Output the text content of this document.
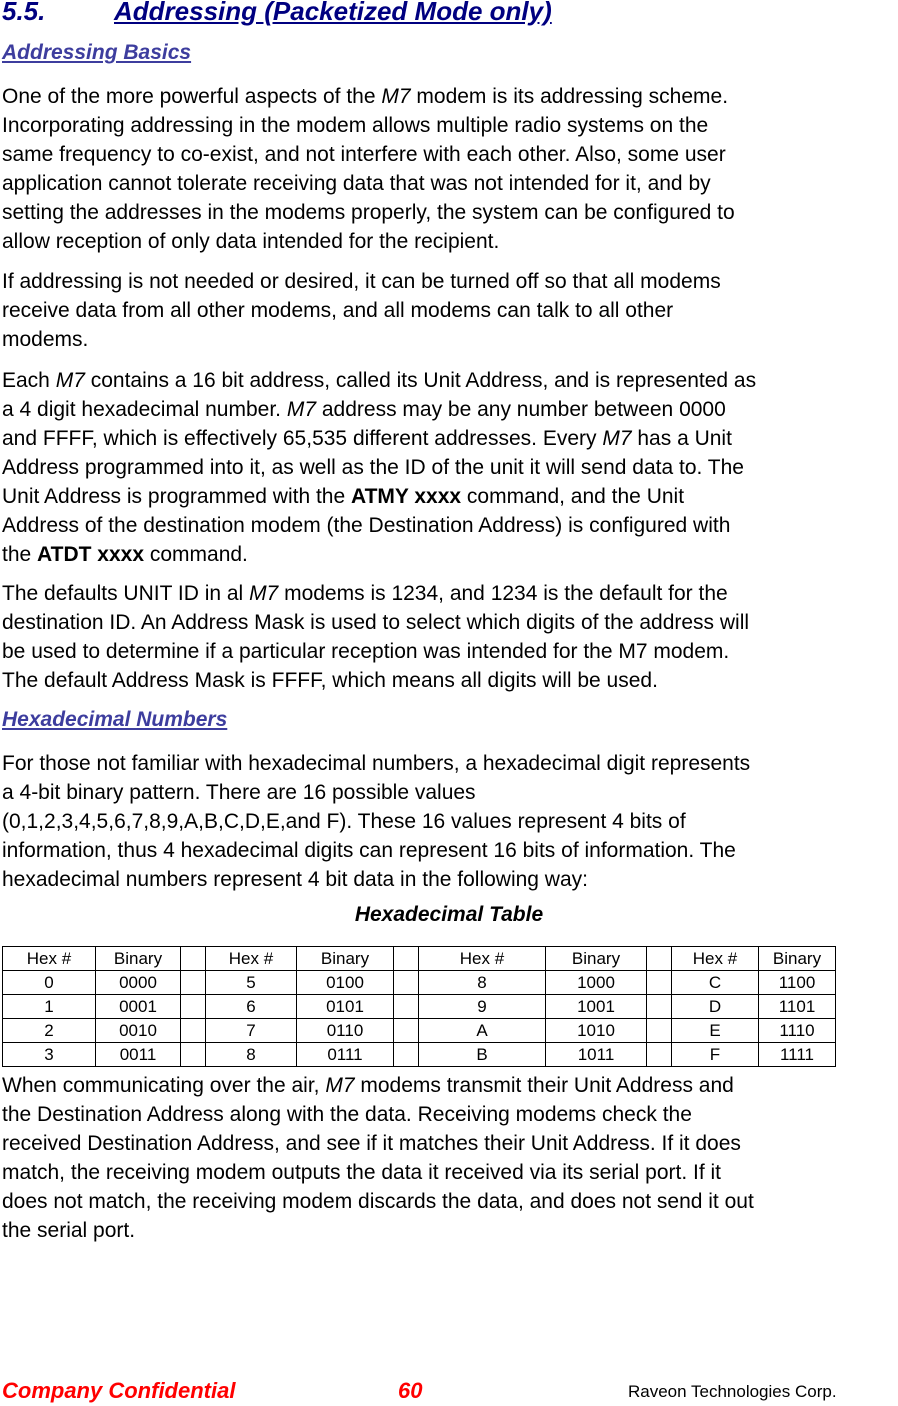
5.5.	Addressing (Packetized Mode only)
Addressing Basics

One of the more powerful aspects of the M7 modem is its addressing scheme.
Incorporating addressing in the modem allows multiple radio systems on the
same frequency to co-exist, and not interfere with each other. Also, some user
application cannot tolerate receiving data that was not intended for it, and by
setting the addresses in the modems properly, the system can be configured to
allow reception of only data intended for the recipient.

If addressing is not needed or desired, it can be turned off so that all modems
receive data from all other modems, and all modems can talk to all other
modems.

Each M7 contains a 16 bit address, called its Unit Address, and is represented as
a 4 digit hexadecimal number. M7 address may be any number between 0000
and FFFF, which is effectively 65,535 different addresses. Every M7 has a Unit
Address programmed into it, as well as the ID of the unit it will send data to. The
Unit Address is programmed with the ATMY xxxx command, and the Unit
Address of the destination modem (the Destination Address) is configured with
the ATDT xxxx command.

The defaults UNIT ID in al M7 modems is 1234, and 1234 is the default for the
destination ID. An Address Mask is used to select which digits of the address will
be used to determine if a particular reception was intended for the M7 modem.
The default Address Mask is FFFF, which means all digits will be used.

Hexadecimal Numbers

For those not familiar with hexadecimal numbers, a hexadecimal digit represents
a 4-bit binary pattern. There are 16 possible values
(0,1,2,3,4,5,6,7,8,9,A,B,C,D,E,and F). These 16 values represent 4 bits of
information, thus 4 hexadecimal digits can represent 16 bits of information. The
hexadecimal numbers represent 4 bit data in the following way:

Hexadecimal Table

Hex #	Binary		Hex #	Binary		Hex #	Binary		Hex #	Binary
0	0000		5	0100		8	1000		C	1100
1	0001		6	0101		9	1001		D	1101
2	0010		7	0110		A	1010		E	1110
3	0011		8	0111		B	1011		F	1111

When communicating over the air, M7 modems transmit their Unit Address and
the Destination Address along with the data. Receiving modems check the
received Destination Address, and see if it matches their Unit Address. If it does
match, the receiving modem outputs the data it received via its serial port. If it
does not match, the receiving modem discards the data, and does not send it out
the serial port.

Company Confidential	60	Raveon Technologies Corp.
